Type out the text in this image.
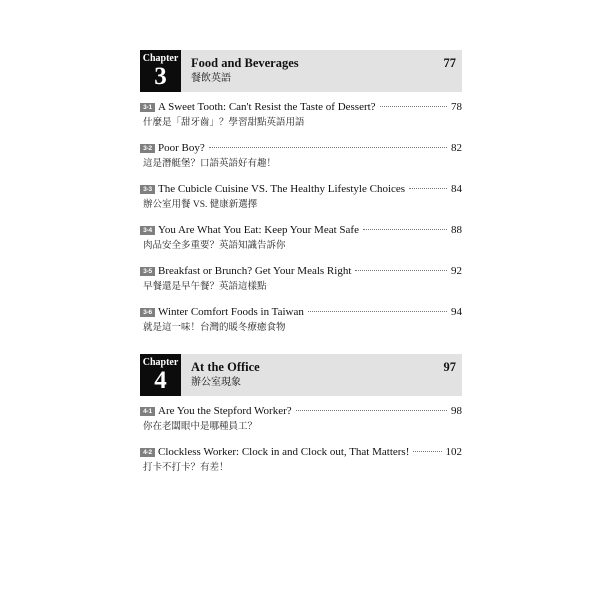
Chapter
3	Food and Beverages
餐飲英語
77
3-1 A Sweet Tooth: Can't Resist the Taste of Dessert?	78
什麼是「甜牙齒」？學習甜點英語用語
3-2 Poor Boy?	82
這是潛艇堡？口語英語好有趣！
3-3 The Cubicle Cuisine VS. The Healthy Lifestyle Choices	84
辦公室用餐 VS. 健康新選擇
3-4 You Are What You Eat: Keep Your Meat Safe	88
肉品安全多重要？英語知識告訴你
3-5 Breakfast or Brunch? Get Your Meals Right	92
早餐還是早午餐？英語這樣點
3-6 Winter Comfort Foods in Taiwan	94
就是這一味！台灣的暖冬療癒食物
Chapter
4	At the Office
辦公室現象
97
4-1 Are You the Stepford Worker?	98
你在老闆眼中是哪種員工？
4-2 Clockless Worker: Clock in and Clock out, That Matters!	102
打卡不打卡？有差！
